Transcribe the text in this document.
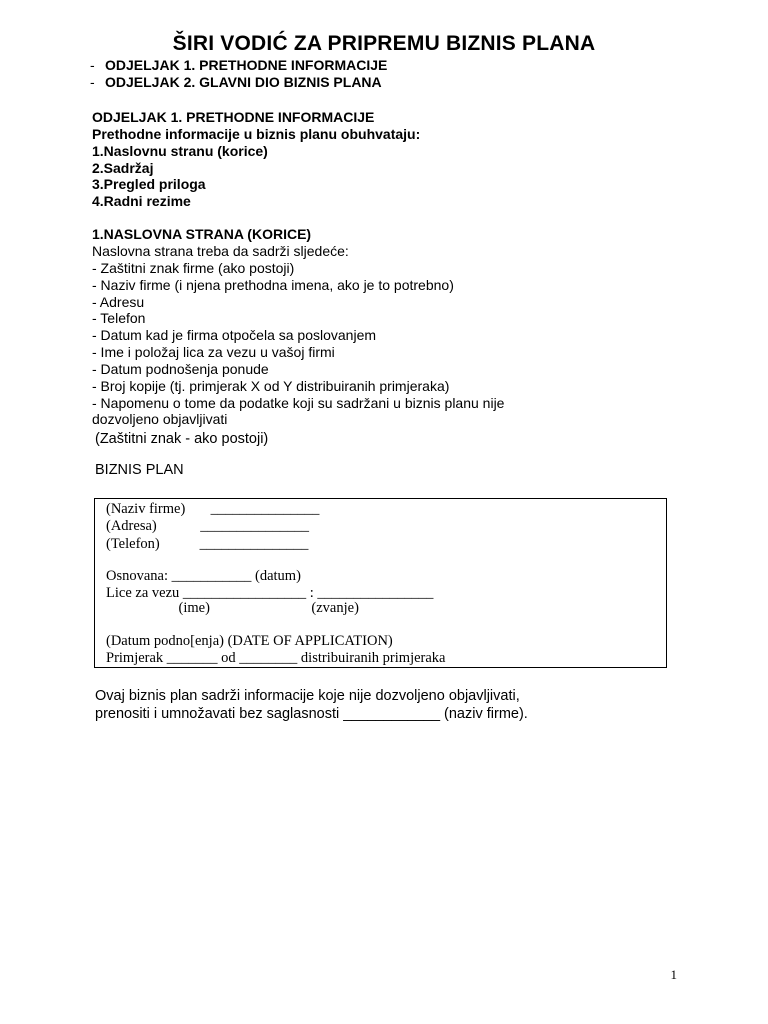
ŠIRI VODIĆ ZA PRIPREMU BIZNIS PLANA
- ODJELJAK 1. PRETHODNE INFORMACIJE
- ODJELJAK 2. GLAVNI DIO BIZNIS PLANA
ODJELJAK 1. PRETHODNE INFORMACIJE
Prethodne informacije u biznis planu obuhvataju:
1.Naslovnu stranu (korice)
2.Sadržaj
3.Pregled priloga
4.Radni rezime
1.NASLOVNA STRANA (KORICE)
Naslovna strana treba da sadrži sljedeće:
- Zaštitni znak firme (ako postoji)
- Naziv firme (i njena prethodna imena, ako je to potrebno)
- Adresu
- Telefon
- Datum kad je firma otpočela sa poslovanjem
- Ime i položaj lica za vezu u vašoj firmi
- Datum podnošenja ponude
- Broj kopije (tj. primjerak X od Y distribuiranih primjeraka)
- Napomenu o tome da podatke koji su sadržani u biznis planu nije
dozvoljeno objavljivati
(Zaštitni znak - ako postoji)
BIZNIS PLAN
(Naziv firme)       _______________
(Adresa)            _______________
(Telefon)           _______________
Osnovana: ___________ (datum)
Lice za vezu _________________ : ________________
(ime)                            (zvanje)
(Datum podno[enja) (DATE OF APPLICATION)
Primjerak _______ od ________ distribuiranih primjeraka
Ovaj biznis plan sadrži informacije koje nije dozvoljeno objavljivati,
prenositi i umnožavati bez saglasnosti ____________ (naziv firme).
1
